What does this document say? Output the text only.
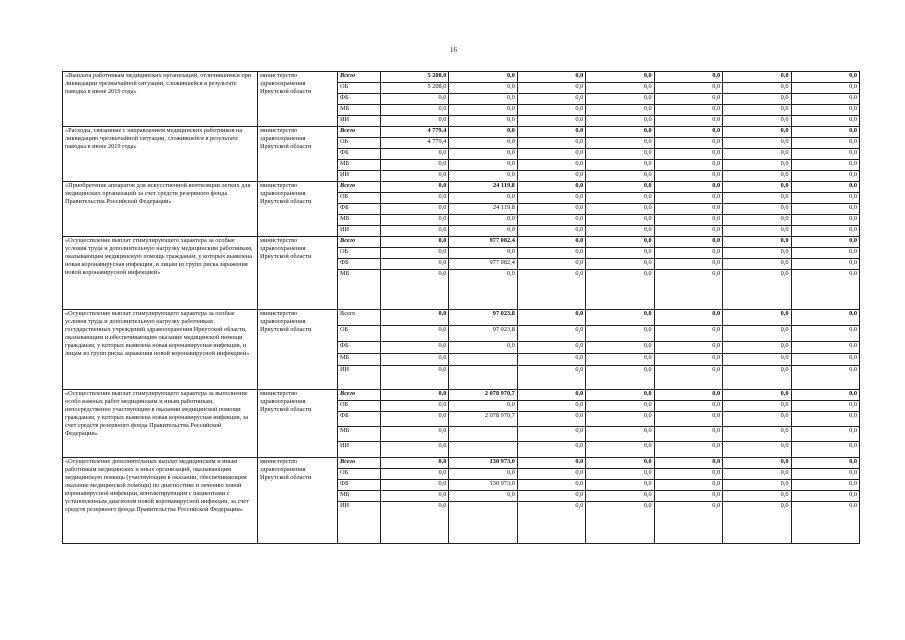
16
«Выплата работникам медицинских организаций, отличившимся при ликвидации чрезвычайной ситуации, сложившейся в результате паводка в июне 2019 года»	министерство здравоохранения Иркутской области	Всего	5 208,0	0,0	0,0	0,0	0,0	0,0	0,0
		ОБ	5 208,0	0,0	0,0	0,0	0,0	0,0	0,0
		ФБ	0,0	0,0	0,0	0,0	0,0	0,0	0,0
		МБ	0,0	0,0	0,0	0,0	0,0	0,0	0,0
		ИИ	0,0	0,0	0,0	0,0	0,0	0,0	0,0
«Расходы, связанные с направлением медицинских работников на ликвидацию чрезвычайной ситуации, сложившейся в результате паводка в июне 2019 года»	министерство здравоохранения Иркутской области	Всего	4 779,4	0,0	0,0	0,0	0,0	0,0	0,0
		ОБ	4 779,4	0,0	0,0	0,0	0,0	0,0	0,0
		ФБ	0,0	0,0	0,0	0,0	0,0	0,0	0,0
		МБ	0,0	0,0	0,0	0,0	0,0	0,0	0,0
		ИИ	0,0	0,0	0,0	0,0	0,0	0,0	0,0
«Приобретение аппаратов для искусственной вентиляции легких для медицинских организаций за счет средств резервного фонда Правительства Российской Федерации»	министерство здравоохранения Иркутской области	Всего	0,0	24 119,8	0,0	0,0	0,0	0,0	0,0
		ОБ	0,0	0,0	0,0	0,0	0,0	0,0	0,0
		ФБ	0,0	24 119,8	0,0	0,0	0,0	0,0	0,0
		МБ	0,0	0,0	0,0	0,0	0,0	0,0	0,0
		ИИ	0,0	0,0	0,0	0,0	0,0	0,0	0,0
«Осуществление выплат стимулирующего характера за особые условия труда и дополнительную нагрузку медицинским работникам, оказывающим медицинскую помощь гражданам, у которых выявлена новая коронавирусная инфекция, и лицам из групп риска заражения новой коронавирусной инфекцией»	министерство здравоохранения Иркутской области	Всего	0,0	977 082,4	0,0	0,0	0,0	0,0	0,0
		ОБ	0,0	0,0	0,0	0,0	0,0	0,0	0,0
		ФБ	0,0	977 082,4	0,0	0,0	0,0	0,0	0,0
		МБ	0,0	0,0	0,0	0,0	0,0	0,0	0,0
«Осуществление выплат стимулирующего характера за особые условия труда и дополнительную нагрузку работникам государственных учреждений здравоохранения Иркутской области, оказывающим и обеспечивающим оказание медицинской помощи гражданам, у которых выявлена новая коронавирусная инфекция, и лицам из групп риска заражения новой коронавирусной инфекцией»	министерство здравоохранения Иркутской области	Всего	0,0	97 023,8	0,0	0,0	0,0	0,0	0,0
		ОБ	0,0	97 023,8	0,0	0,0	0,0	0,0	0,0
		ФБ	0,0	0,0	0,0	0,0	0,0	0,0	0,0
		МБ	0,0		0,0	0,0	0,0	0,0	0,0
		ИИ	0,0		0,0	0,0	0,0	0,0	0,0
«Осуществление выплат стимулирующего характера за выполнение особо важных работ медицинским и иным работникам, непосредственно участвующим в оказании медицинской помощи гражданам, у которых выявлена новая коронавирусная инфекция, за счет средств резервного фонда Правительства Российской Федерации»	министерство здравоохранения Иркутской области	Всего	0,0	2 078 970,7	0,0	0,0	0,0	0,0	0,0
		ОБ	0,0	0,0	0,0	0,0	0,0	0,0	0,0
		ФБ	0,0	2 078 970,7	0,0	0,0	0,0	0,0	0,0
		МБ	0,0		0,0	0,0	0,0	0,0	0,0
		ИИ	0,0		0,0	0,0	0,0	0,0	0,0
«Осуществление дополнительных выплат медицинским и иным работникам медицинских и иных организаций, оказывающим медицинскую помощь (участвующим в оказании, обеспечивающим оказание медицинской помощи) по диагностике и лечению новой коронавирусной инфекции, контактирующим с пациентами с установленным диагнозом новой коронавирусной инфекции, за счет средств резервного фонда Правительства Российской Федерации»	министерство здравоохранения Иркутской области	Всего	0,0	130 973,0	0,0	0,0	0,0	0,0	0,0
		ОБ	0,0	0,0	0,0	0,0	0,0	0,0	0,0
		ФБ	0,0	130 973,0	0,0	0,0	0,0	0,0	0,0
		МБ	0,0	0,0	0,0	0,0	0,0	0,0	0,0
		ИИ	0,0		0,0	0,0	0,0	0,0	0,0
